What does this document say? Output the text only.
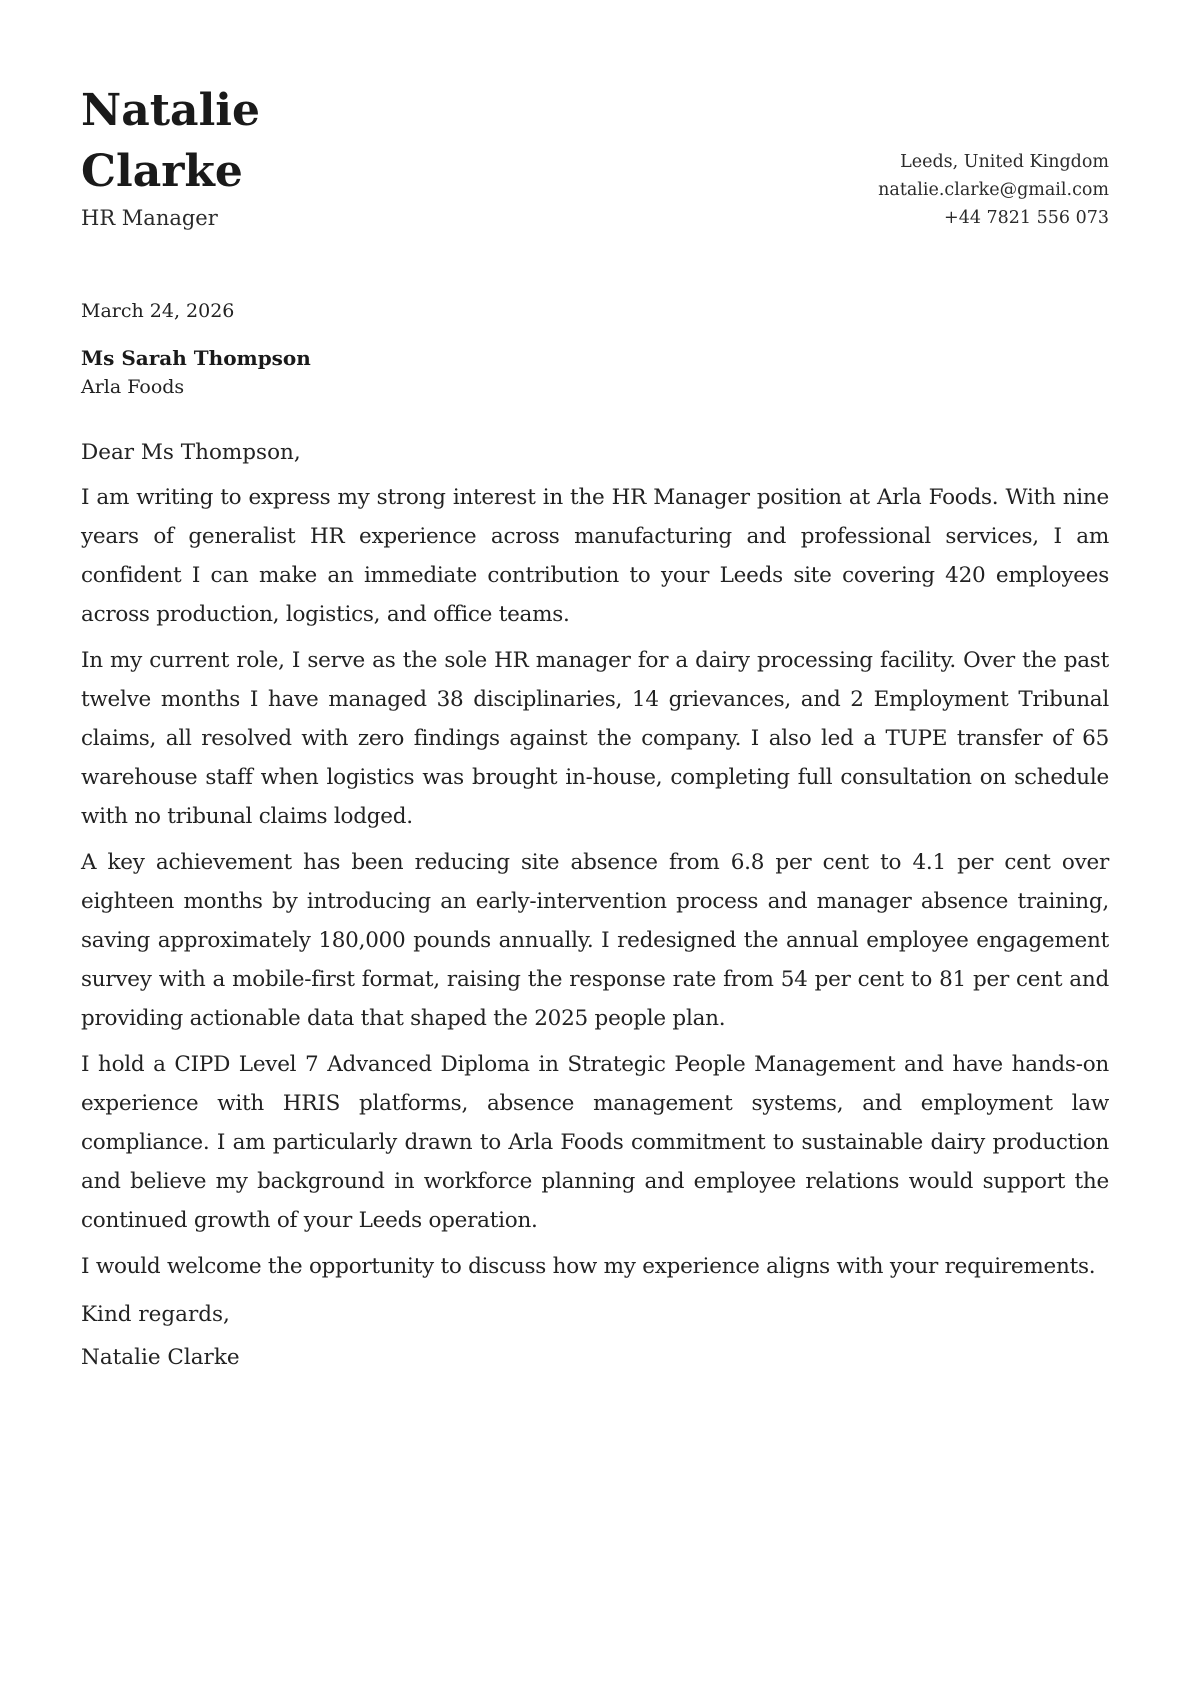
Natalie
Clarke
HR Manager
Leeds, United Kingdom
natalie.clarke@gmail.com
+44 7821 556 073
March 24, 2026
Ms Sarah Thompson
Arla Foods
Dear Ms Thompson,

I am writing to express my strong interest in the HR Manager position at Arla Foods. With nine years of generalist HR experience across manufacturing and professional services, I am confident I can make an immediate contribution to your Leeds site covering 420 employees across production, logistics, and office teams.

In my current role, I serve as the sole HR manager for a dairy processing facility. Over the past twelve months I have managed 38 disciplinaries, 14 grievances, and 2 Employment Tribunal claims, all resolved with zero findings against the company. I also led a TUPE transfer of 65 warehouse staff when logistics was brought in-house, completing full consultation on schedule with no tribunal claims lodged.

A key achievement has been reducing site absence from 6.8 per cent to 4.1 per cent over eighteen months by introducing an early-intervention process and manager absence training, saving approximately 180,000 pounds annually. I redesigned the annual employee engagement survey with a mobile-first format, raising the response rate from 54 per cent to 81 per cent and providing actionable data that shaped the 2025 people plan.

I hold a CIPD Level 7 Advanced Diploma in Strategic People Management and have hands-on experience with HRIS platforms, absence management systems, and employment law compliance. I am particularly drawn to Arla Foods commitment to sustainable dairy production and believe my background in workforce planning and employee relations would support the continued growth of your Leeds operation.

I would welcome the opportunity to discuss how my experience aligns with your requirements.

Kind regards,
Natalie Clarke
